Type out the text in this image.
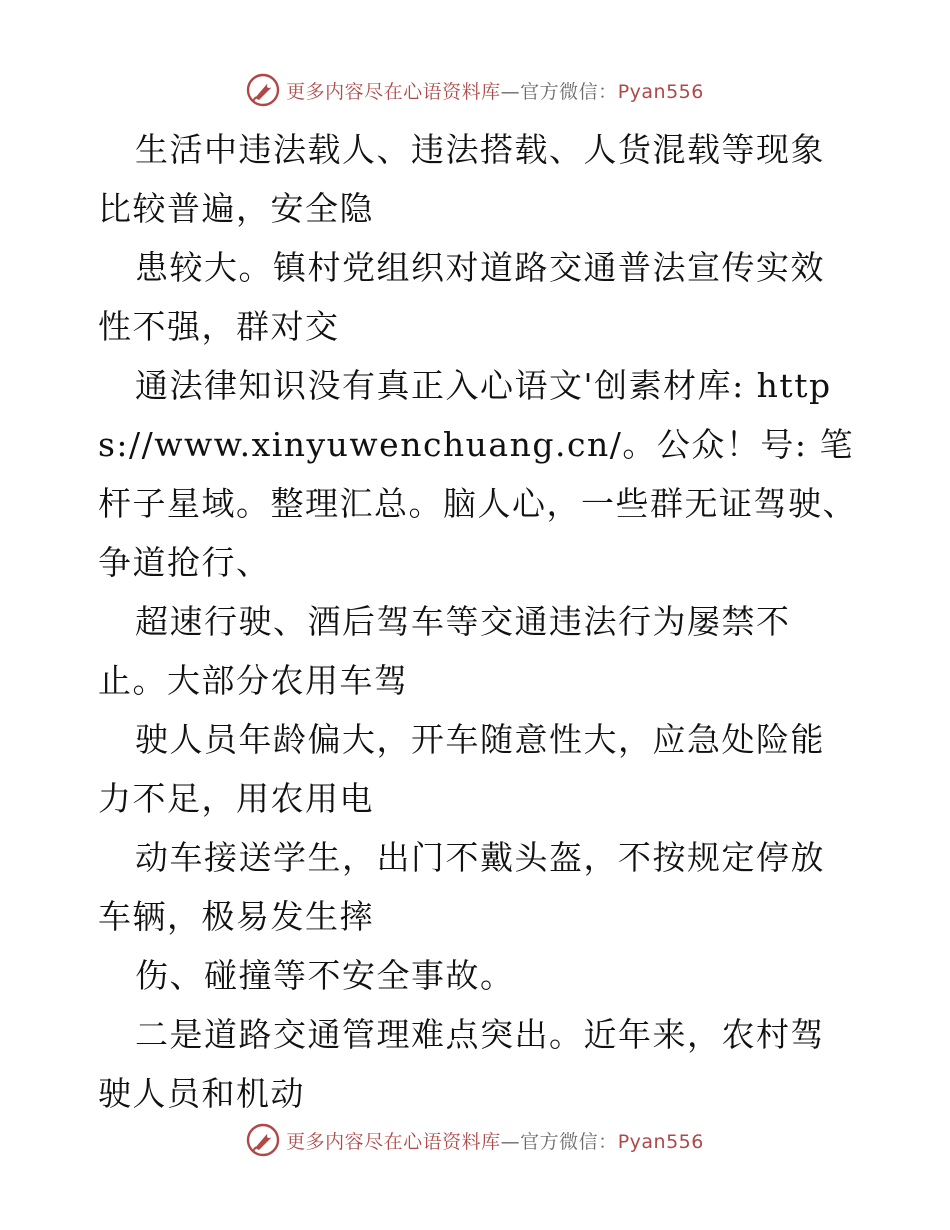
更多内容尽在心语资料库—官方微信：Pyan556

生活中违法载人、违法搭载、人货混载等现象比较普遍，安全隐

患较大。镇村党组织对道路交通普法宣传实效性不强，群对交

通法律知识没有真正入心语文'创素材库: https://www.xinyuwenchuang.cn/。公众！号: 笔杆子星域。整理汇总。脑人心，一些群无证驾驶、争道抢行、

超速行驶、酒后驾车等交通违法行为屡禁不止。大部分农用车驾

驶人员年龄偏大，开车随意性大，应急处险能力不足，用农用电

动车接送学生，出门不戴头盔，不按规定停放车辆，极易发生摔

伤、碰撞等不安全事故。

二是道路交通管理难点突出。近年来，农村驾驶人员和机动

更多内容尽在心语资料库—官方微信：Pyan556
